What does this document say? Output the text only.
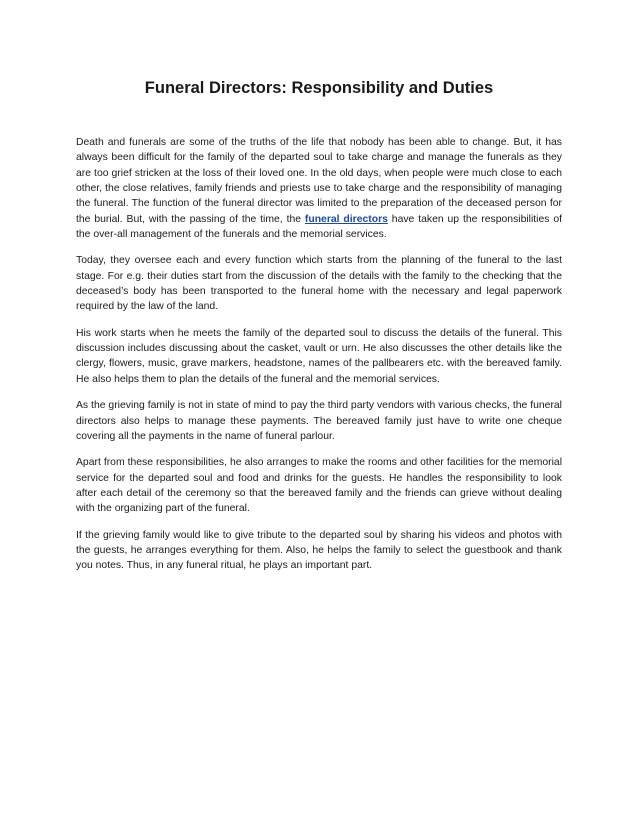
Funeral Directors: Responsibility and Duties

Death and funerals are some of the truths of the life that nobody has been able to change. But, it has always been difficult for the family of the departed soul to take charge and manage the funerals as they are too grief stricken at the loss of their loved one. In the old days, when people were much close to each other, the close relatives, family friends and priests use to take charge and the responsibility of managing the funeral. The function of the funeral director was limited to the preparation of the deceased person for the burial. But, with the passing of the time, the funeral directors have taken up the responsibilities of the over-all management of the funerals and the memorial services.

Today, they oversee each and every function which starts from the planning of the funeral to the last stage. For e.g. their duties start from the discussion of the details with the family to the checking that the deceased’s body has been transported to the funeral home with the necessary and legal paperwork required by the law of the land.

His work starts when he meets the family of the departed soul to discuss the details of the funeral. This discussion includes discussing about the casket, vault or urn. He also discusses the other details like the clergy, flowers, music, grave markers, headstone, names of the pallbearers etc. with the bereaved family. He also helps them to plan the details of the funeral and the memorial services.

As the grieving family is not in state of mind to pay the third party vendors with various checks, the funeral directors also helps to manage these payments. The bereaved family just have to write one cheque covering all the payments in the name of funeral parlour.

Apart from these responsibilities, he also arranges to make the rooms and other facilities for the memorial service for the departed soul and food and drinks for the guests. He handles the responsibility to look after each detail of the ceremony so that the bereaved family and the friends can grieve without dealing with the organizing part of the funeral.

If the grieving family would like to give tribute to the departed soul by sharing his videos and photos with the guests, he arranges everything for them. Also, he helps the family to select the guestbook and thank you notes. Thus, in any funeral ritual, he plays an important part.
